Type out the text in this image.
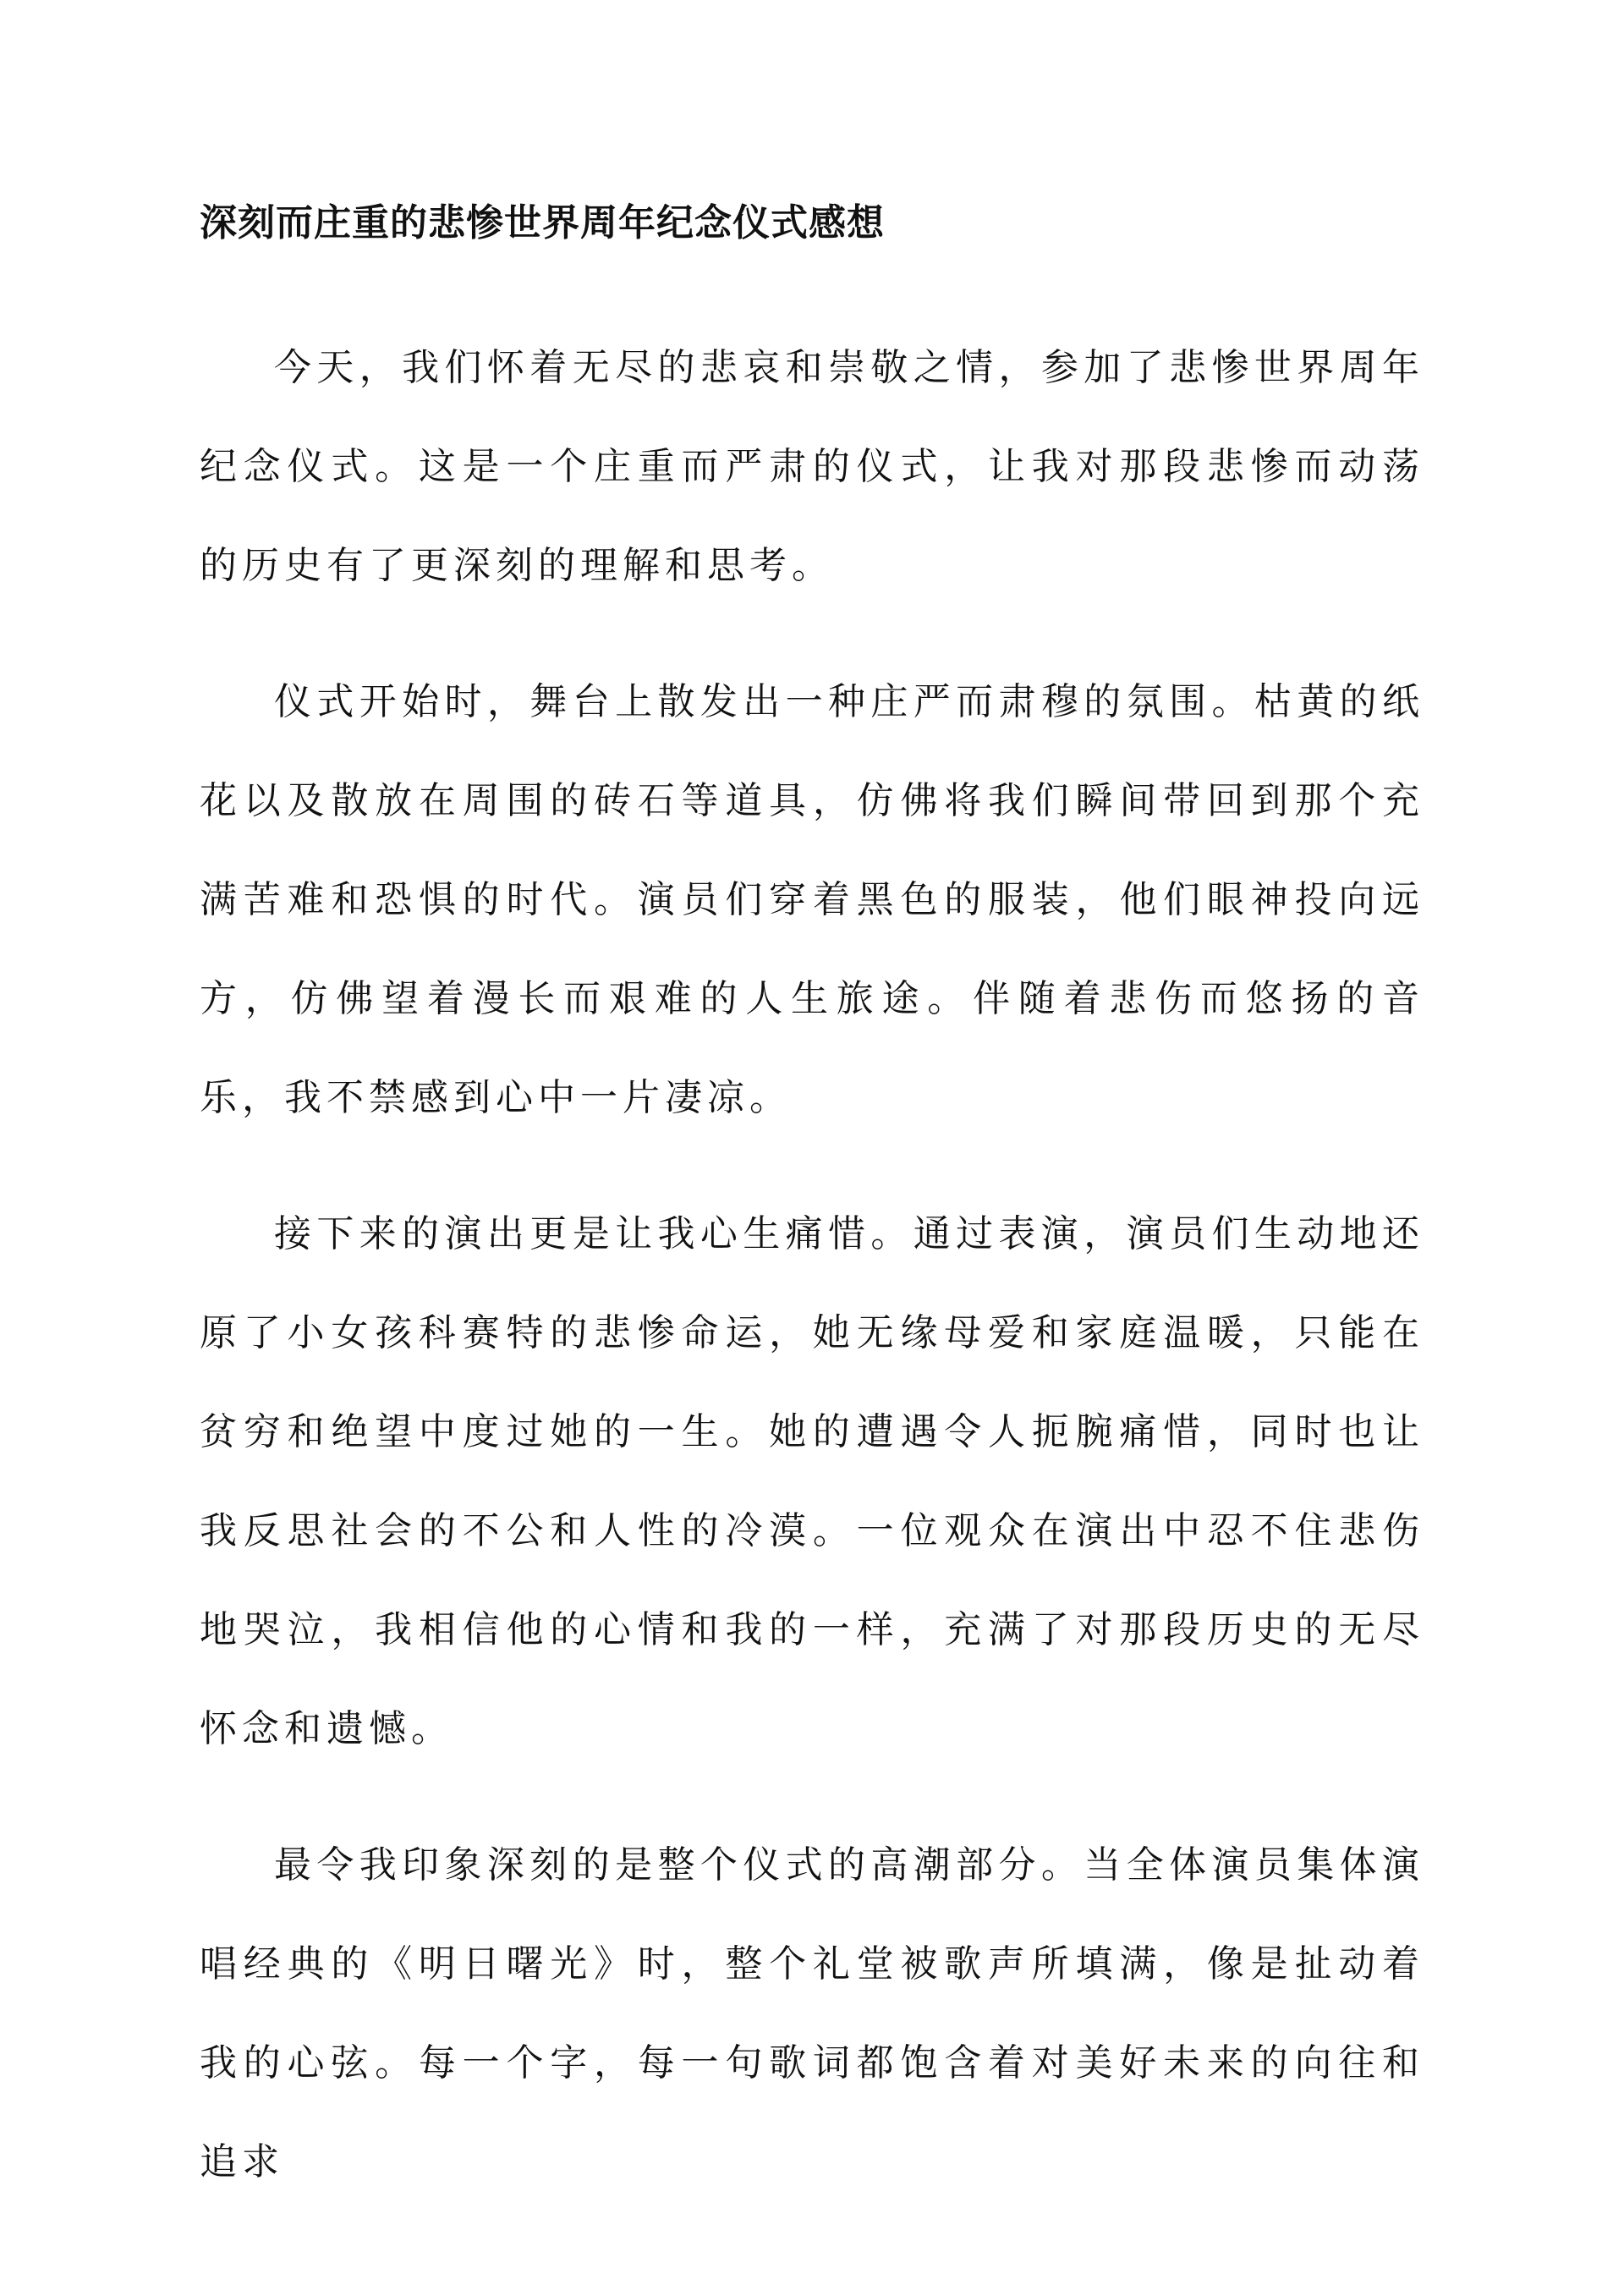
深刻而庄重的悲惨世界周年纪念仪式感想

今天，我们怀着无尽的悲哀和崇敬之情，参加了悲惨世界周年纪念仪式。这是一个庄重而严肃的仪式，让我对那段悲惨而动荡的历史有了更深刻的理解和思考。

仪式开始时，舞台上散发出一种庄严而肃穆的氛围。枯黄的纸花以及散放在周围的砖石等道具，仿佛将我们瞬间带回到那个充满苦难和恐惧的时代。演员们穿着黑色的服装，他们眼神投向远方，仿佛望着漫长而艰难的人生旅途。伴随着悲伤而悠扬的音乐，我不禁感到心中一片凄凉。

接下来的演出更是让我心生痛惜。通过表演，演员们生动地还原了小女孩科赛特的悲惨命运，她无缘母爱和家庭温暖，只能在贫穷和绝望中度过她的一生。她的遭遇令人扼腕痛惜，同时也让我反思社会的不公和人性的冷漠。一位观众在演出中忍不住悲伤地哭泣，我相信他的心情和我的一样，充满了对那段历史的无尽怀念和遗憾。

最令我印象深刻的是整个仪式的高潮部分。当全体演员集体演唱经典的《明日曙光》时，整个礼堂被歌声所填满，像是扯动着我的心弦。每一个字，每一句歌词都饱含着对美好未来的向往和追求
